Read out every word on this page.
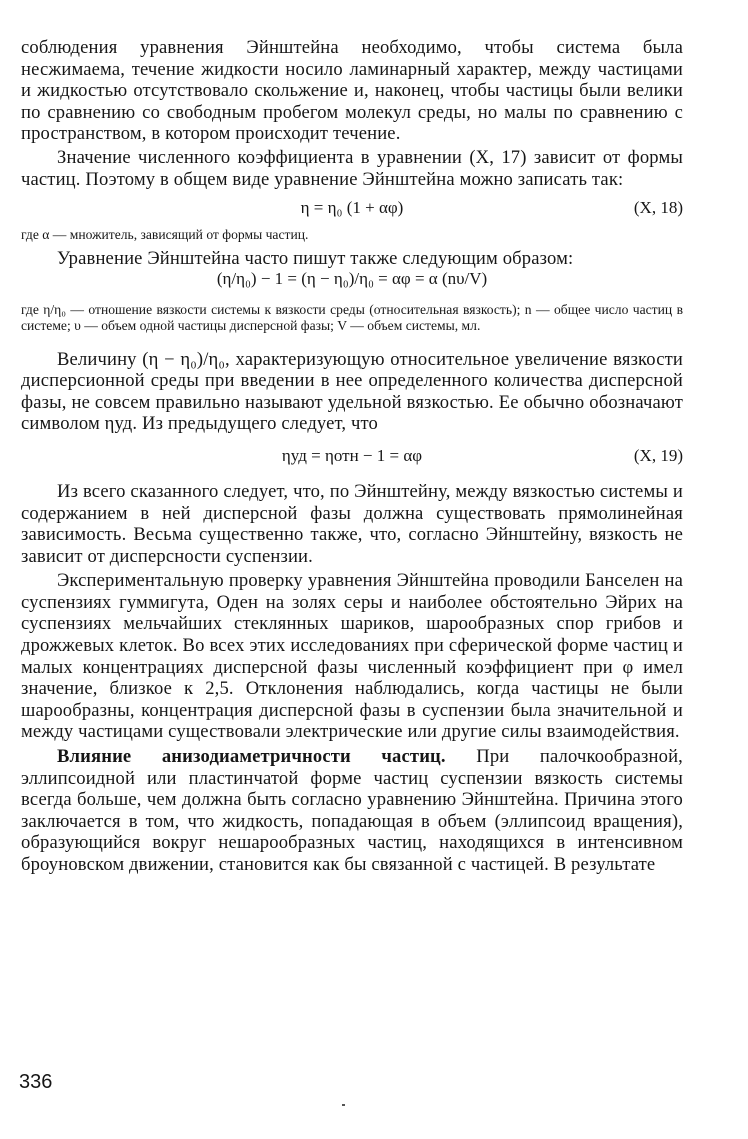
соблюдения уравнения Эйнштейна необходимо, чтобы система была несжимаема, течение жидкости носило ламинарный характер, между частицами и жидкостью отсутствовало скольжение и, наконец, чтобы частицы были велики по сравнению со свободным пробегом молекул среды, но малы по сравнению с пространством, в котором происходит течение.

Значение численного коэффициента в уравнении (X, 17) зависит от формы частиц. Поэтому в общем виде уравнение Эйнштейна можно записать так:

η = η₀ (1 + αφ)	(X, 18)

где α — множитель, зависящий от формы частиц.

Уравнение Эйнштейна часто пишут также следующим образом:

(η/η₀) − 1 = (η − η₀)/η₀ = αφ = α (nυ/V)

где η/η₀ — отношение вязкости системы к вязкости среды (относительная вязкость); n — общее число частиц в системе; υ — объем одной частицы дисперсной фазы; V — объем системы, мл.

Величину (η − η₀)/η₀, характеризующую относительное увеличение вязкости дисперсионной среды при введении в нее определенного количества дисперсной фазы, не совсем правильно называют удельной вязкостью. Ее обычно обозначают символом ηуд. Из предыдущего следует, что

ηуд = ηотн − 1 = αφ	(X, 19)

Из всего сказанного следует, что, по Эйнштейну, между вязкостью системы и содержанием в ней дисперсной фазы должна существовать прямолинейная зависимость. Весьма существенно также, что, согласно Эйнштейну, вязкость не зависит от дисперсности суспензии.

Экспериментальную проверку уравнения Эйнштейна проводили Банселен на суспензиях гуммигута, Оден на золях серы и наиболее обстоятельно Эйрих на суспензиях мельчайших стеклянных шариков, шарообразных спор грибов и дрожжевых клеток. Во всех этих исследованиях при сферической форме частиц и малых концентрациях дисперсной фазы численный коэффициент при φ имел значение, близкое к 2,5. Отклонения наблюдались, когда частицы не были шарообразны, концентрация дисперсной фазы в суспензии была значительной и между частицами существовали электрические или другие силы взаимодействия.

Влияние анизодиаметричности частиц. При палочкообразной, эллипсоидной или пластинчатой форме частиц суспензии вязкость системы всегда больше, чем должна быть согласно уравнению Эйнштейна. Причина этого заключается в том, что жидкость, попадающая в объем (эллипсоид вращения), образующийся вокруг нешарообразных частиц, находящихся в интенсивном броуновском движении, становится как бы связанной с частицей. В результате

336
